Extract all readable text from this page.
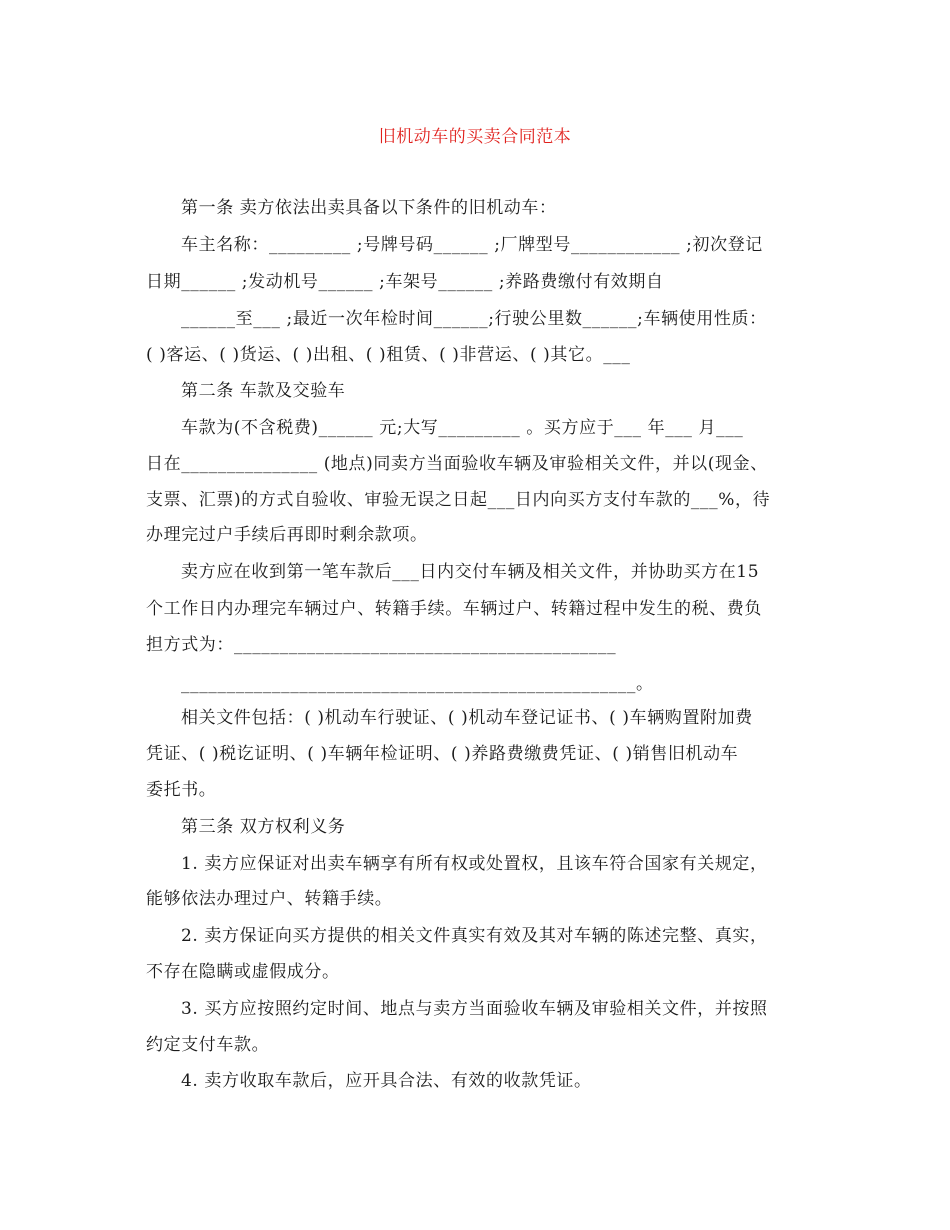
旧机动车的买卖合同范本
第一条 卖方依法出卖具备以下条件的旧机动车：
车主名称：_________ ;号牌号码______ ;厂牌型号____________ ;初次登记
日期______ ;发动机号______ ;车架号______ ;养路费缴付有效期自
______至___ ;最近一次年检时间______;行驶公里数______;车辆使用性质：
( )客运、( )货运、( )出租、( )租赁、( )非营运、( )其它。___
第二条 车款及交验车
车款为(不含税费)______ 元;大写_________ 。买方应于___ 年___ 月___
日在_______________ (地点)同卖方当面验收车辆及审验相关文件，并以(现金、
支票、汇票)的方式自验收、审验无误之日起___日内向买方支付车款的___%，待
办理完过户手续后再即时剩余款项。
卖方应在收到第一笔车款后___日内交付车辆及相关文件，并协助买方在15
个工作日内办理完车辆过户、转籍手续。车辆过户、转籍过程中发生的税、费负
担方式为：__________________________________________
__________________________________________________。
相关文件包括：( )机动车行驶证、( )机动车登记证书、( )车辆购置附加费
凭证、( )税讫证明、( )车辆年检证明、( )养路费缴费凭证、( )销售旧机动车
委托书。
第三条 双方权利义务
1. 卖方应保证对出卖车辆享有所有权或处置权，且该车符合国家有关规定，
能够依法办理过户、转籍手续。
2. 卖方保证向买方提供的相关文件真实有效及其对车辆的陈述完整、真实，
不存在隐瞒或虚假成分。
3. 买方应按照约定时间、地点与卖方当面验收车辆及审验相关文件，并按照
约定支付车款。
4. 卖方收取车款后，应开具合法、有效的收款凭证。
